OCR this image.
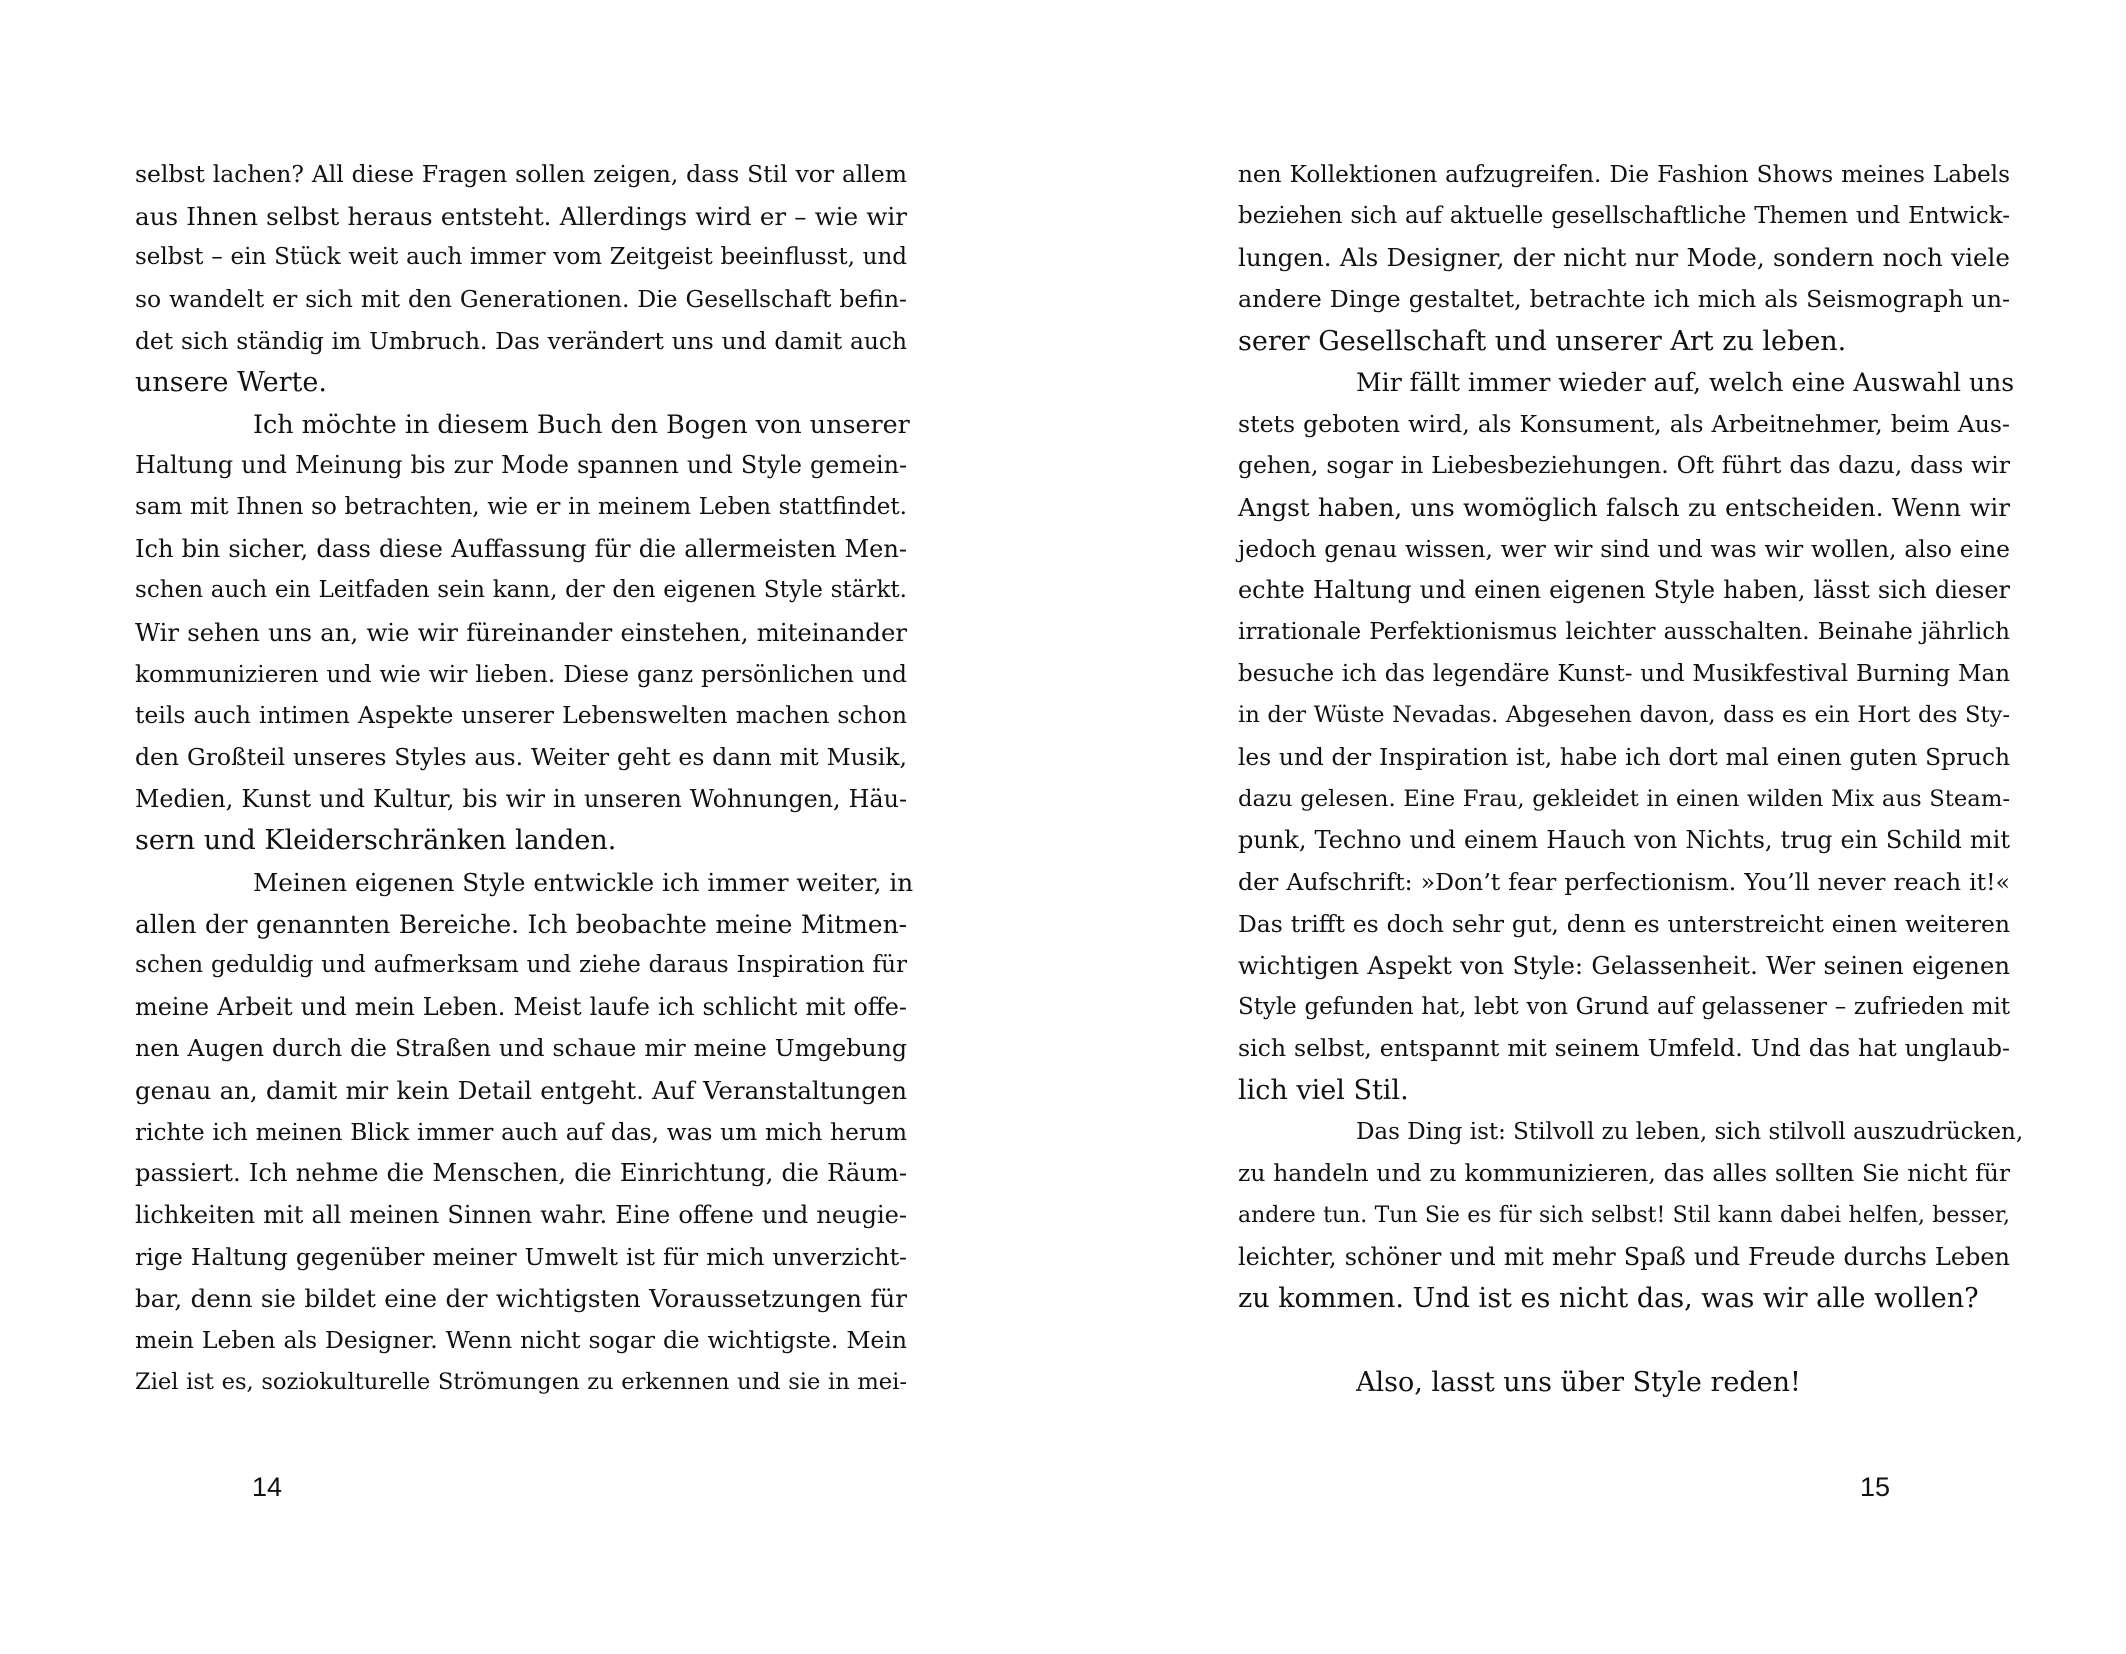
selbst lachen? All diese Fragen sollen zeigen, dass Stil vor allem
aus Ihnen selbst heraus entsteht. Allerdings wird er – wie wir
selbst – ein Stück weit auch immer vom Zeitgeist beeinflusst, und
so wandelt er sich mit den Generationen. Die Gesellschaft befin-
det sich ständig im Umbruch. Das verändert uns und damit auch
unsere Werte.
Ich möchte in diesem Buch den Bogen von unserer
Haltung und Meinung bis zur Mode spannen und Style gemein-
sam mit Ihnen so betrachten, wie er in meinem Leben stattfindet.
Ich bin sicher, dass diese Auffassung für die allermeisten Men-
schen auch ein Leitfaden sein kann, der den eigenen Style stärkt.
Wir sehen uns an, wie wir füreinander einstehen, miteinander
kommunizieren und wie wir lieben. Diese ganz persönlichen und
teils auch intimen Aspekte unserer Lebenswelten machen schon
den Großteil unseres Styles aus. Weiter geht es dann mit Musik,
Medien, Kunst und Kultur, bis wir in unseren Wohnungen, Häu-
sern und Kleiderschränken landen.
Meinen eigenen Style entwickle ich immer weiter, in
allen der genannten Bereiche. Ich beobachte meine Mitmen-
schen geduldig und aufmerksam und ziehe daraus Inspiration für
meine Arbeit und mein Leben. Meist laufe ich schlicht mit offe-
nen Augen durch die Straßen und schaue mir meine Umgebung
genau an, damit mir kein Detail entgeht. Auf Veranstaltungen
richte ich meinen Blick immer auch auf das, was um mich herum
passiert. Ich nehme die Menschen, die Einrichtung, die Räum-
lichkeiten mit all meinen Sinnen wahr. Eine offene und neugie-
rige Haltung gegenüber meiner Umwelt ist für mich unverzicht-
bar, denn sie bildet eine der wichtigsten Voraussetzungen für
mein Leben als Designer. Wenn nicht sogar die wichtigste. Mein
Ziel ist es, soziokulturelle Strömungen zu erkennen und sie in mei-
14
nen Kollektionen aufzugreifen. Die Fashion Shows meines Labels
beziehen sich auf aktuelle gesellschaftliche Themen und Entwick-
lungen. Als Designer, der nicht nur Mode, sondern noch viele
andere Dinge gestaltet, betrachte ich mich als Seismograph un-
serer Gesellschaft und unserer Art zu leben.
Mir fällt immer wieder auf, welch eine Auswahl uns
stets geboten wird, als Konsument, als Arbeitnehmer, beim Aus-
gehen, sogar in Liebesbeziehungen. Oft führt das dazu, dass wir
Angst haben, uns womöglich falsch zu entscheiden. Wenn wir
jedoch genau wissen, wer wir sind und was wir wollen, also eine
echte Haltung und einen eigenen Style haben, lässt sich dieser
irrationale Perfektionismus leichter ausschalten. Beinahe jährlich
besuche ich das legendäre Kunst- und Musikfestival Burning Man
in der Wüste Nevadas. Abgesehen davon, dass es ein Hort des Sty-
les und der Inspiration ist, habe ich dort mal einen guten Spruch
dazu gelesen. Eine Frau, gekleidet in einen wilden Mix aus Steam-
punk, Techno und einem Hauch von Nichts, trug ein Schild mit
der Aufschrift: »Don’t fear perfectionism. You’ll never reach it!«
Das trifft es doch sehr gut, denn es unterstreicht einen weiteren
wichtigen Aspekt von Style: Gelassenheit. Wer seinen eigenen
Style gefunden hat, lebt von Grund auf gelassener – zufrieden mit
sich selbst, entspannt mit seinem Umfeld. Und das hat unglaub-
lich viel Stil.
Das Ding ist: Stilvoll zu leben, sich stilvoll auszudrücken,
zu handeln und zu kommunizieren, das alles sollten Sie nicht für
andere tun. Tun Sie es für sich selbst! Stil kann dabei helfen, besser,
leichter, schöner und mit mehr Spaß und Freude durchs Leben
zu kommen. Und ist es nicht das, was wir alle wollen?
Also, lasst uns über Style reden!
15
